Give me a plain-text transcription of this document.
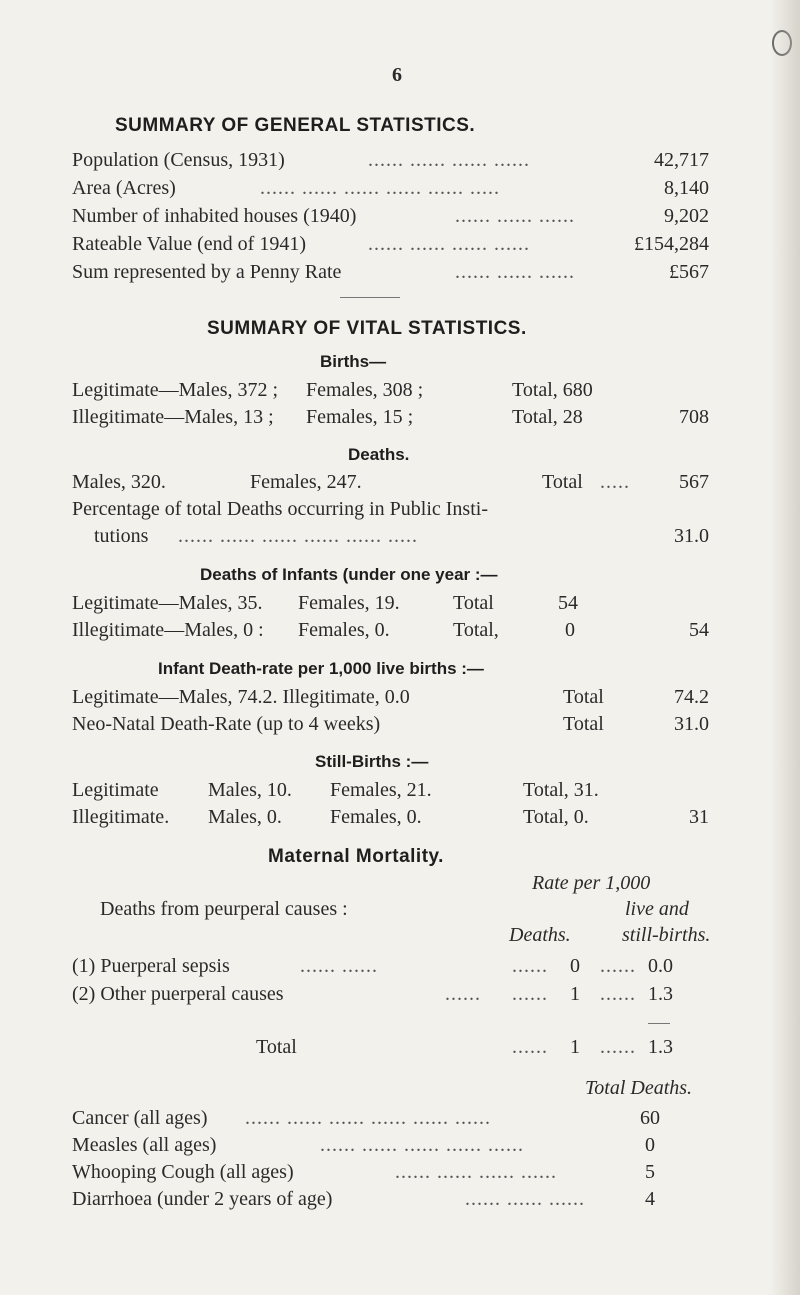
6
SUMMARY OF GENERAL STATISTICS.
Population (Census, 1931)	...... ...... ...... ......	42,717
Area (Acres)	...... ...... ...... ...... ...... .....	8,140
Number of inhabited houses (1940)	...... ...... ......	9,202
Rateable Value (end of 1941)	...... ...... ...... ......	£154,284
Sum represented by a Penny Rate	...... ...... ......	£567
SUMMARY OF VITAL STATISTICS.
Births—
Legitimate—Males, 372 ; Females, 308 ;	Total, 680
Illegitimate—Males, 13 ; Females, 15 ;	Total, 28	708
Deaths.
Males, 320.	Females, 247.	Total ..... 567
Percentage of total Deaths occurring in Public Insti-
tutions ...... ...... ...... ...... ...... .....	31.0
Deaths of Infants (under one year :—
Legitimate—Males, 35. Females, 19.	Total	54
Illegitimate—Males, 0 : Females, 0.	Total,	0	54
Infant Death-rate per 1,000 live births :—
Legitimate—Males, 74.2. Illegitimate, 0.0	Total	74.2
Neo-Natal Death-Rate (up to 4 weeks)	Total	31.0
Still-Births :—
Legitimate Males, 10. Females, 21.	Total, 31.
Illegitimate. Males, 0. Females, 0.	Total, 0.	31
Maternal Mortality.
Rate per 1,000
live and
Deaths from peurperal causes :
Deaths.	still-births.
(1) Puerperal sepsis	...... ......	...... 0 ...... 0.0
(2) Other puerperal causes	...... ...... 1 ...... 1.3
Total	...... 1 ...... 1.3
Total Deaths.
Cancer (all ages) ...... ...... ...... ...... ...... ......	60
Measles (all ages)	...... ...... ...... ...... ......	0
Whooping Cough (all ages)	...... ...... ...... ......	5
Diarrhoea (under 2 years of age)	...... ...... ......	4
